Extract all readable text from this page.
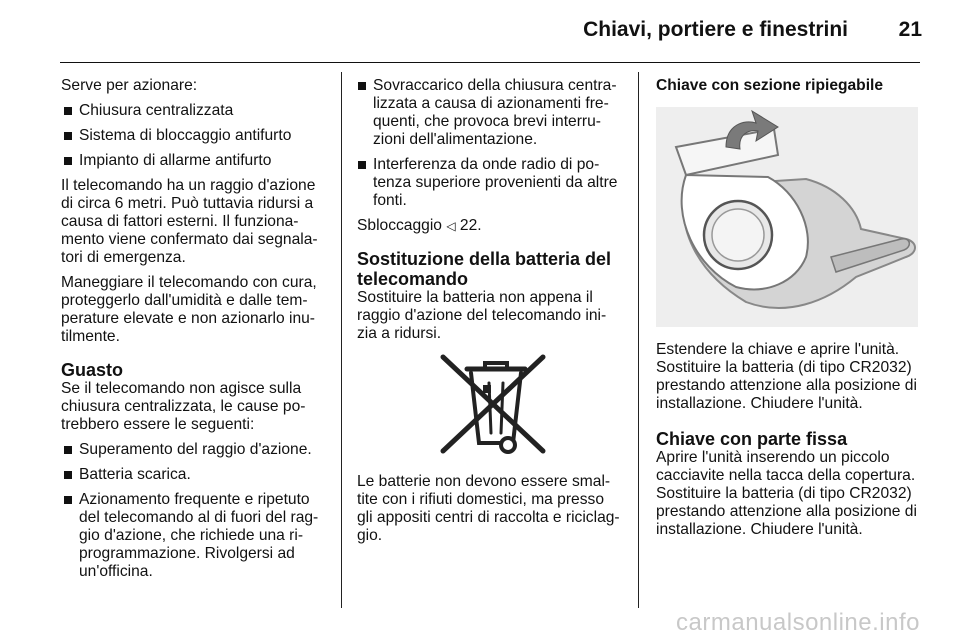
Chiavi, portiere e finestrini 21

Serve per azionare:

Chiusura centralizzata
Sistema di bloccaggio antifurto
Impianto di allarme antifurto

Il telecomando ha un raggio d'azione
di circa 6 metri. Può tuttavia ridursi a
causa di fattori esterni. Il funziona-
mento viene confermato dai segnala-
tori di emergenza.

Maneggiare il telecomando con cura,
proteggerlo dall'umidità e dalle tem-
perature elevate e non azionarlo inu-
tilmente.

Guasto

Se il telecomando non agisce sulla
chiusura centralizzata, le cause po-
trebbero essere le seguenti:

Superamento del raggio d'azione.
Batteria scarica.
Azionamento frequente e ripetuto
del telecomando al di fuori del rag-
gio d'azione, che richiede una ri-
programmazione. Rivolgersi ad
un'officina.
Sovraccarico della chiusura centra-
lizzata a causa di azionamenti fre-
quenti, che provoca brevi interru-
zioni dell'alimentazione.
Interferenza da onde radio di po-
tenza superiore provenienti da altre
fonti.

Sbloccaggio ◁ 22.

Sostituzione della batteria del
telecomando

Sostituire la batteria non appena il
raggio d'azione del telecomando ini-
zia a ridursi.

Le batterie non devono essere smal-
tite con i rifiuti domestici, ma presso
gli appositi centri di raccolta e riciclag-
gio.

Chiave con sezione ripiegabile

Estendere la chiave e aprire l'unità.
Sostituire la batteria (di tipo CR2032)
prestando attenzione alla posizione di
installazione. Chiudere l'unità.

Chiave con parte fissa

Aprire l'unità inserendo un piccolo
cacciavite nella tacca della copertura.
Sostituire la batteria (di tipo CR2032)
prestando attenzione alla posizione di
installazione. Chiudere l'unità.

carmanualsonline.info
